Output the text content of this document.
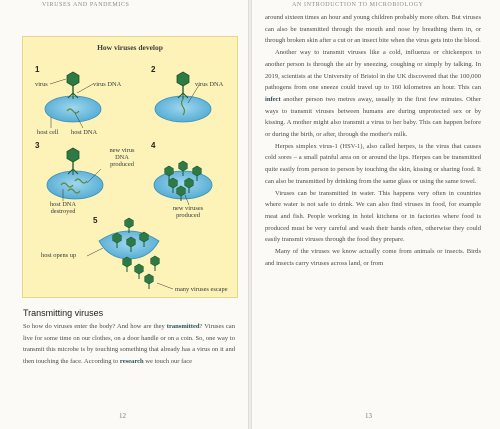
VIRUSES AND PANDEMICS
How viruses develop
1	2
3	4
5
virus	virus DNA	virus DNA
host cell host DNA
new virus
DNA
produced
host DNA
destroyed	new viruses
produced
host opens up
many viruses escape
Transmitting viruses

So how do viruses enter the body? And how are they transmitted? Viruses can live for some time on our clothes, on a door handle or on a coin. So, one way to transmit this microbe is by touching something that already has a virus on it and then touching the face. According to research we touch our face

12
AN INTRODUCTION TO MICROBIOLOGY

around sixteen times an hour and young children probably more often. But viruses can also be transmitted through the mouth and nose by breathing them in, or through broken skin after a cut or an insect bite when the virus gets into the blood.

Another way to transmit viruses like a cold, influenza or chickenpox to another person is through the air by sneezing, coughing or simply by talking. In 2019, scientists at the University of Bristol in the UK discovered that the 100,000 pathogens from one sneeze could travel up to 160 kilometres an hour. This can infect another person two metres away, usually in the first few minutes. Other ways to transmit viruses between humans are during unprotected sex or by kissing. A mother might also transmit a virus to her baby. This can happen before or during the birth, or after, through the mother's milk.

Herpes simplex virus-1 (HSV-1), also called herpes, is the virus that causes cold sores – a small painful area on or around the lips. Herpes can be transmitted quite easily from person to person by touching the skin, kissing or sharing food. It can also be transmitted by drinking from the same glass or using the same towel.

Viruses can be transmitted in water. This happens very often in countries where water is not safe to drink. We can also find viruses in food, for example meat and fish. People working in hotel kitchens or in factories where food is produced must be very careful and wash their hands often, otherwise they could easily transmit viruses through the food they prepare.

Many of the viruses we know actually come from animals or insects. Birds and insects carry viruses across land, or from

13
